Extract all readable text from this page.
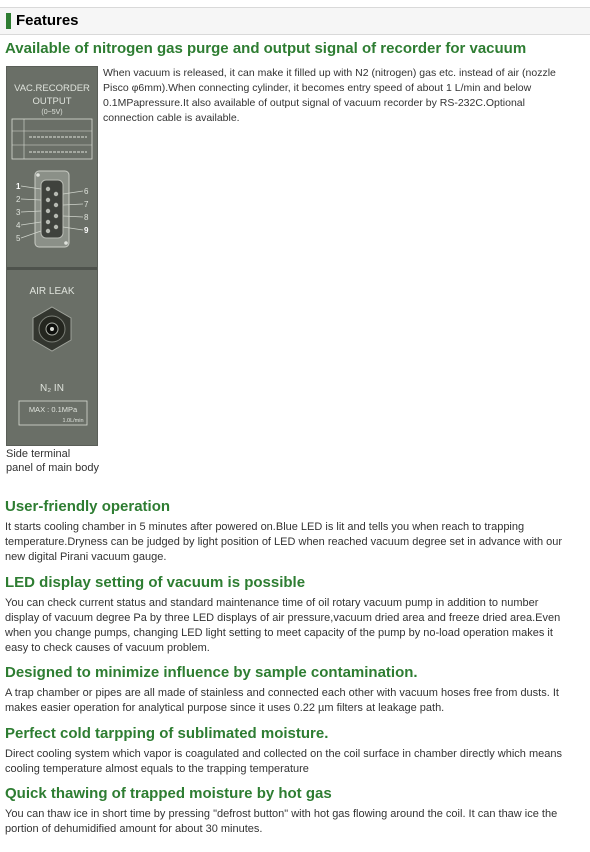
Features
Available of nitrogen gas purge and output signal of recorder for vacuum
VAC.RECORDER
OUTPUT
(0~5V)
1
2
3
4
5
6
7
8
9
AIR LEAK
N₂ IN
MAX : 0.1MPa
1.0L/min

When vacuum is released, it can make it filled up with N2 (nitrogen) gas etc. instead of air (nozzle
Pisco φ6mm).When connecting cylinder, it becomes entry speed of about 1 L/min and below
0.1MPapressure.It also available of output signal of vacuum recorder by RS-232C.Optional
connection cable is available.

Side terminal
panel of main body
User-friendly operation

It starts cooling chamber in 5 minutes after powered on.Blue LED is lit and tells you when reach to trapping
temperature.Dryness can be judged by light position of LED when reached vacuum degree set in advance with our
new digital Pirani vacuum gauge.

LED display setting of vacuum is possible

You can check current status and standard maintenance time of oil rotary vacuum pump in addition to number
display of vacuum degree Pa by three LED displays of air pressure,vacuum dried area and freeze dried area.Even
when you change pumps, changing LED light setting to meet capacity of the pump by no-load operation makes it
easy to check causes of vacuum problem.

Designed to minimize influence by sample contamination.

A trap chamber or pipes are all made of stainless and connected each other with vacuum hoses free from dusts. It
makes easier operation for analytical purpose since it uses 0.22 µm filters at leakage path.

Perfect cold tarpping of sublimated moisture.

Direct cooling system which vapor is coagulated and collected on the coil surface in chamber directly which means
cooling temperature almost equals to the trapping temperature

Quick thawing of trapped moisture by hot gas

You can thaw ice in short time by pressing "defrost button" with hot gas flowing around the coil. It can thaw ice the
portion of dehumidified amount for about 30 minutes.
